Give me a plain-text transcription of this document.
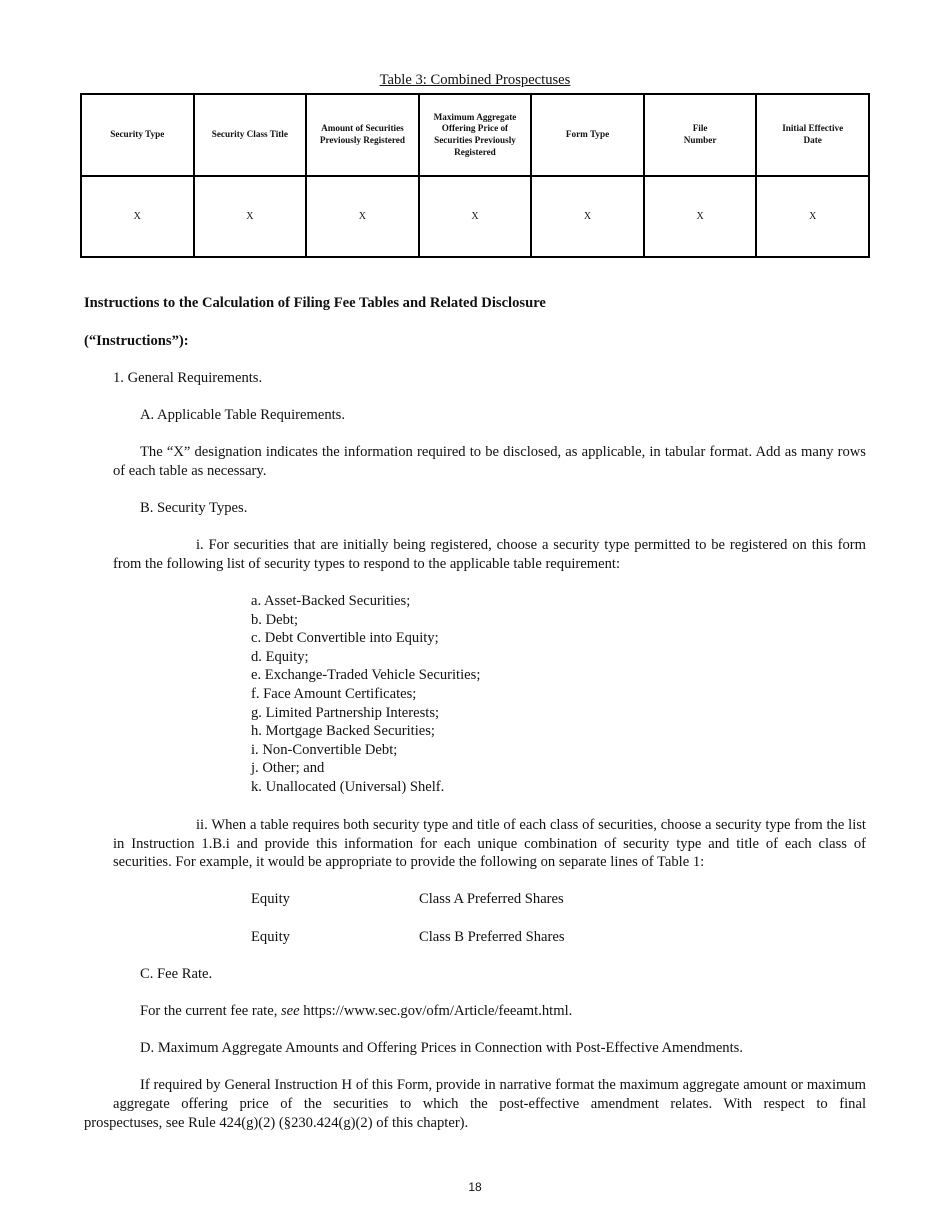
Table 3: Combined Prospectuses
Security Type	Security Class Title	Amount of Securities Previously Registered	Maximum Aggregate Offering Price of Securities Previously Registered	Form Type	File Number	Initial Effective Date
X	X	X	X	X	X	X
Instructions to the Calculation of Filing Fee Tables and Related Disclosure
(“Instructions”):
1. General Requirements.
A. Applicable Table Requirements.
The “X” designation indicates the information required to be disclosed, as applicable, in tabular format. Add as many rows of each table as necessary.
B. Security Types.
i. For securities that are initially being registered, choose a security type permitted to be registered on this form from the following list of security types to respond to the applicable table requirement:
a. Asset-Backed Securities;
b. Debt;
c. Debt Convertible into Equity;
d. Equity;
e. Exchange-Traded Vehicle Securities;
f. Face Amount Certificates;
g. Limited Partnership Interests;
h. Mortgage Backed Securities;
i. Non-Convertible Debt;
j. Other; and
k. Unallocated (Universal) Shelf.
ii. When a table requires both security type and title of each class of securities, choose a security type from the list in Instruction 1.B.i and provide this information for each unique combination of security type and title of each class of securities. For example, it would be appropriate to provide the following on separate lines of Table 1:
Equity	Class A Preferred Shares
Equity	Class B Preferred Shares
C. Fee Rate.
For the current fee rate, see https://www.sec.gov/ofm/Article/feeamt.html.
D. Maximum Aggregate Amounts and Offering Prices in Connection with Post-Effective Amendments.
If required by General Instruction H of this Form, provide in narrative format the maximum aggregate amount or maximum aggregate offering price of the securities to which the post-effective amendment relates. With respect to final
prospectuses, see Rule 424(g)(2) (§230.424(g)(2) of this chapter).
18
